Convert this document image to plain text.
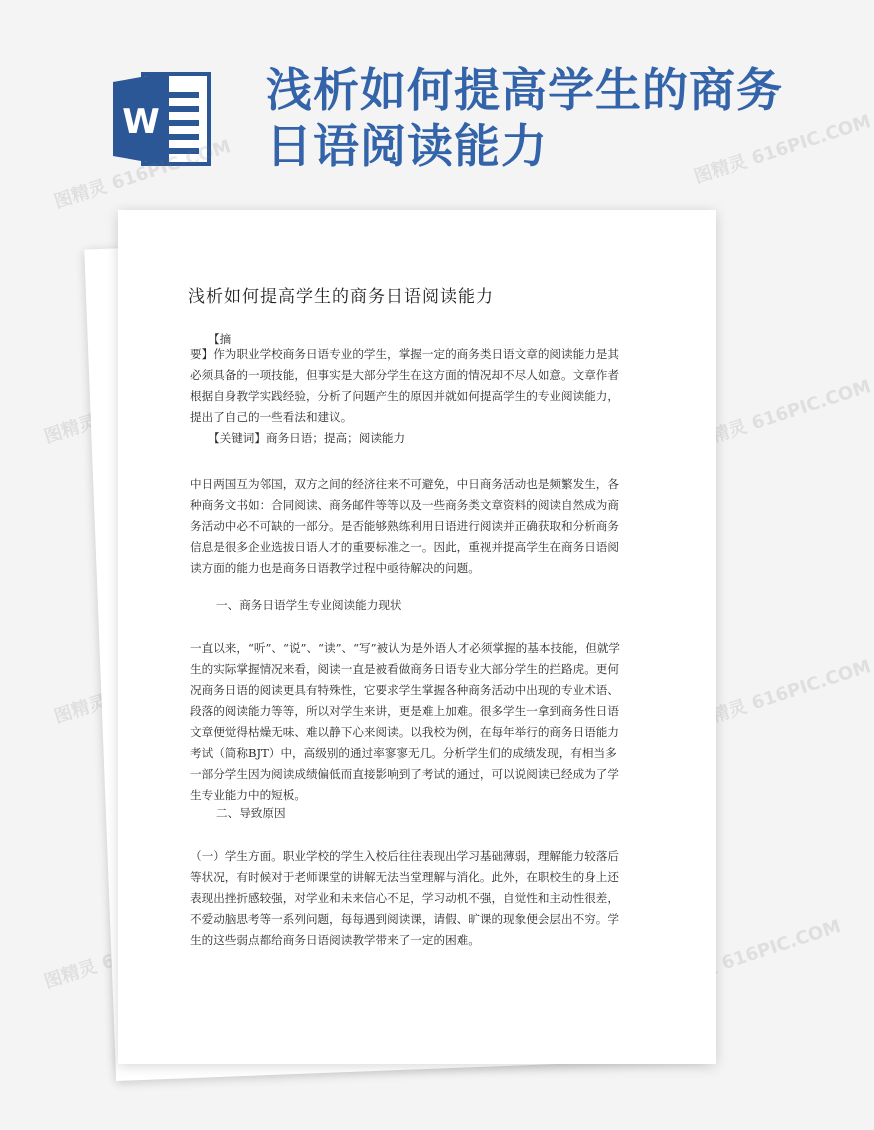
W
浅析如何提高学生的商务日语阅读能力
图精灵 616PIC.COM	图精灵 616PIC.COM
图精灵	图精灵 616PIC.COM
图精灵	图精灵 616PIC.COM
图精灵	图精灵 616PIC.COM
浅析如何提高学生的商务日语阅读能力

【摘

要】作为职业学校商务日语专业的学生，掌握一定的商务类日语文章的阅读能力是其必须具备的一项技能，但事实是大部分学生在这方面的情况却不尽人如意。文章作者根据自身教学实践经验，分析了问题产生的原因并就如何提高学生的专业阅读能力，提出了自己的一些看法和建议。

【关键词】商务日语；提高；阅读能力

中日两国互为邻国，双方之间的经济往来不可避免，中日商务活动也是频繁发生，各种商务文书如：合同阅读、商务邮件等等以及一些商务类文章资料的阅读自然成为商务活动中必不可缺的一部分。是否能够熟练利用日语进行阅读并正确获取和分析商务信息是很多企业选拔日语人才的重要标准之一。因此，重视并提高学生在商务日语阅读方面的能力也是商务日语教学过程中亟待解决的问题。

一、商务日语学生专业阅读能力现状

一直以来，“听”、“说”、“读”、“写”被认为是外语人才必须掌握的基本技能，但就学生的实际掌握情况来看，阅读一直是被看做商务日语专业大部分学生的拦路虎。更何况商务日语的阅读更具有特殊性，它要求学生掌握各种商务活动中出现的专业术语、段落的阅读能力等等，所以对学生来讲，更是难上加难。很多学生一拿到商务性日语文章便觉得枯燥无味、难以静下心来阅读。以我校为例，在每年举行的商务日语能力考试（简称BJT）中，高级别的通过率寥寥无几。分析学生们的成绩发现，有相当多一部分学生因为阅读成绩偏低而直接影响到了考试的通过，可以说阅读已经成为了学生专业能力中的短板。

二、导致原因

（一）学生方面。职业学校的学生入校后往往表现出学习基础薄弱，理解能力较落后等状况，有时候对于老师课堂的讲解无法当堂理解与消化。此外，在职校生的身上还表现出挫折感较强，对学业和未来信心不足，学习动机不强，自觉性和主动性很差，不爱动脑思考等一系列问题，每每遇到阅读课，请假、旷课的现象便会层出不穷。学生的这些弱点都给商务日语阅读教学带来了一定的困难。
